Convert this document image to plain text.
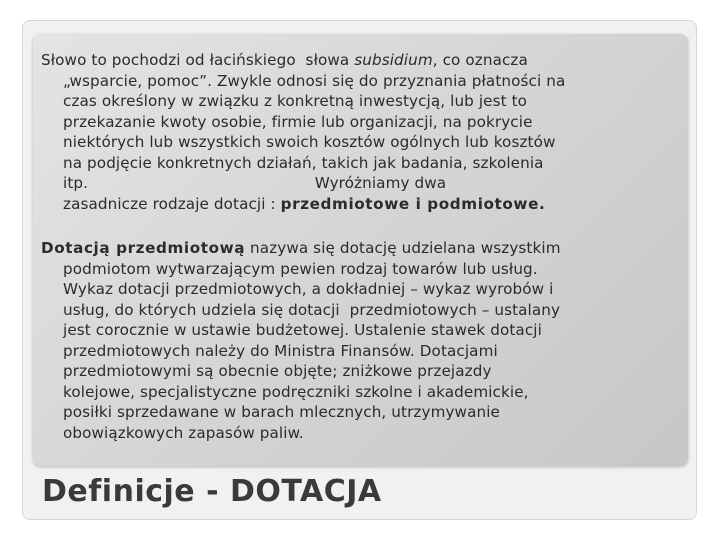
Słowo to pochodzi od łacińskiego  słowa subsidium, co oznacza
„wsparcie, pomoc”. Zwykle odnosi się do przyznania płatności na
czas określony w związku z konkretną inwestycją, lub jest to
przekazanie kwoty osobie, firmie lub organizacji, na pokrycie
niektórych lub wszystkich swoich kosztów ogólnych lub kosztów
na podjęcie konkretnych działań, takich jak badania, szkolenia
itp.                                              Wyróżniamy dwa
zasadnicze rodzaje dotacji : przedmiotowe i podmiotowe.
Dotacją przedmiotową nazywa się dotację udzielana wszystkim
podmiotom wytwarzającym pewien rodzaj towarów lub usług.
Wykaz dotacji przedmiotowych, a dokładniej – wykaz wyrobów i
usług, do których udziela się dotacji  przedmiotowych – ustalany
jest corocznie w ustawie budżetowej. Ustalenie stawek dotacji
przedmiotowych należy do Ministra Finansów. Dotacjami
przedmiotowymi są obecnie objęte; zniżkowe przejazdy
kolejowe, specjalistyczne podręczniki szkolne i akademickie,
posiłki sprzedawane w barach mlecznych, utrzymywanie
obowiązkowych zapasów paliw.
Definicje - DOTACJA
